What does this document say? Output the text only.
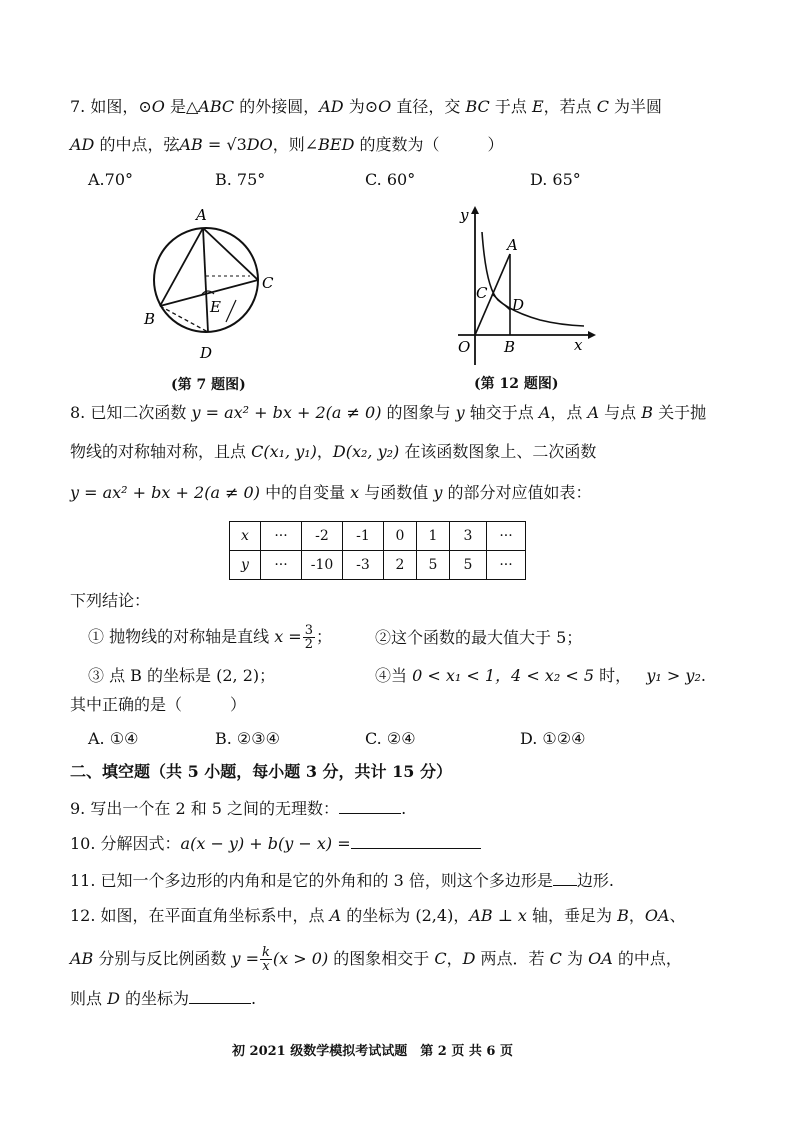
7. 如图，⊙O 是△ABC 的外接圆，AD 为⊙O 直径，交 BC 于点 E，若点 C 为半圆
AD 的中点，弦AB = √3DO，则∠BED 的度数为（　　　）
A.70°	B. 75°	C. 60°	D. 65°
A
B
C
D
E
(第 7 题图)
y
A
C
D
O B	x
(第 12 题图)
8. 已知二次函数 y = ax² + bx + 2(a ≠ 0) 的图象与 y 轴交于点 A，点 A 与点 B 关于抛
物线的对称轴对称，且点 C(x₁, y₁)，D(x₂, y₂) 在该函数图象上、二次函数
y = ax² + bx + 2(a ≠ 0) 中的自变量 x 与函数值 y 的部分对应值如表：
x	···	-2	-1	0	1	3	···
y	···	-10	-3	2	5	5	···
下列结论：
① 抛物线的对称轴是直线 $x = \frac{3}{2}$ ；	②这个函数的最大值大于 5；
③ 点 B 的坐标是 (2, 2)；	④当 0 < x₁ < 1，4 < x₂ < 5 时， y₁ > y₂.
其中正确的是（　　　）
A. ①④	B. ②③④	C. ②④	D. ①②④
二、填空题（共 5 小题，每小题 3 分，共计 15 分）
9. 写出一个在 2 和 5 之间的无理数：	.
10. 分解因式：a(x − y) + b(y − x) =
11. 已知一个多边形的内角和是它的外角和的 3 倍，则这个多边形是 边形.
12. 如图，在平面直角坐标系中，点 A 的坐标为 (2,4)，AB ⊥ x 轴，垂足为 B，OA、
AB 分别与反比例函数 $y = \frac{k}{x} (x > 0)$ 的图象相交于 C，D 两点．若 C 为 OA 的中点，
则点 D 的坐标为	.
初 2021 级数学模拟考试试题　第 2 页 共 6 页
